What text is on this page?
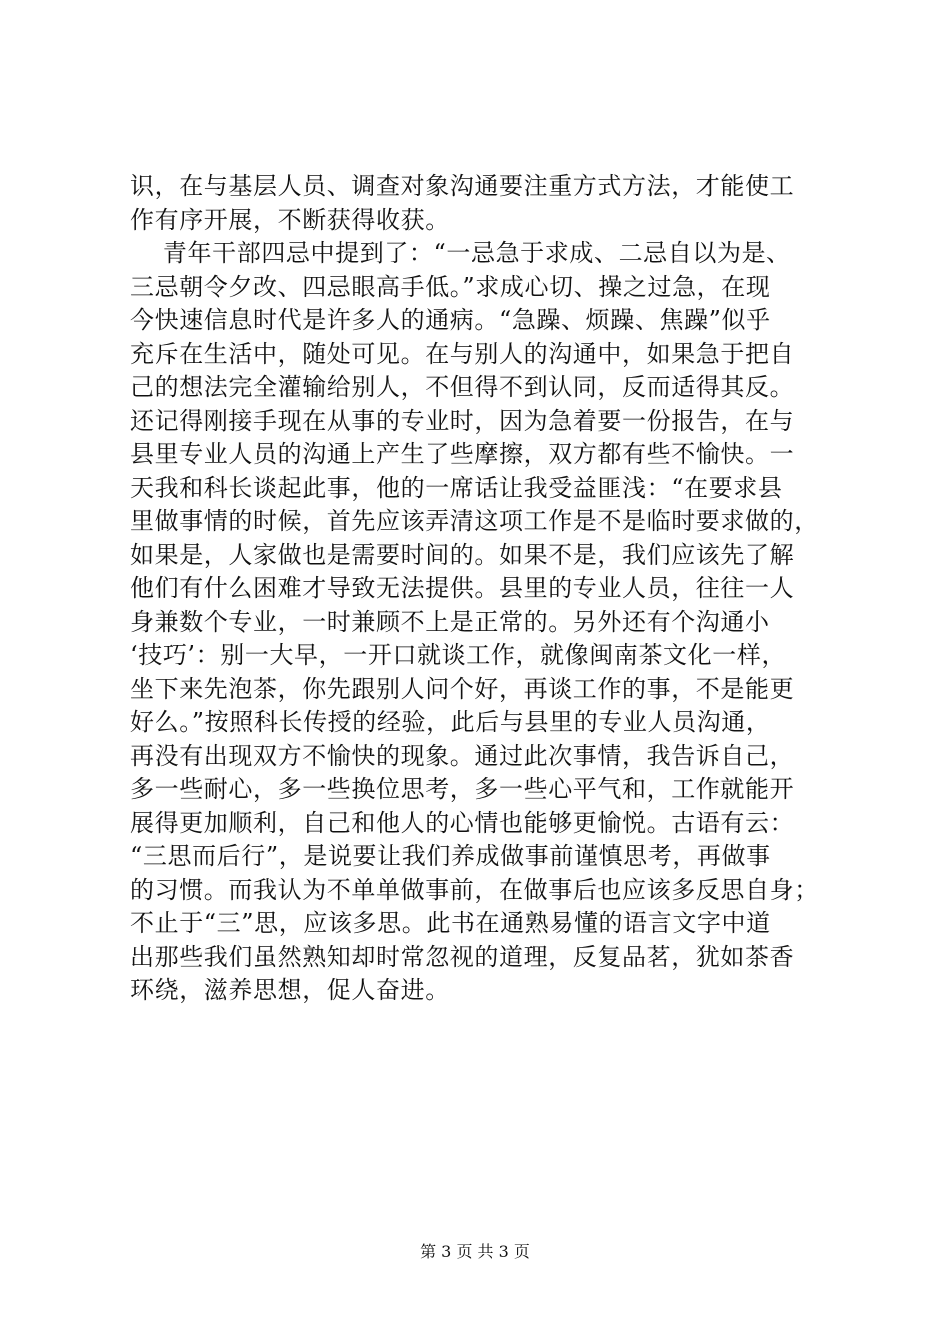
识，在与基层人员、调查对象沟通要注重方式方法，才能使工
作有序开展，不断获得收获。
青年干部四忌中提到了：“一忌急于求成、二忌自以为是、
三忌朝令夕改、四忌眼高手低。”求成心切、操之过急，在现
今快速信息时代是许多人的通病。“急躁、烦躁、焦躁”似乎
充斥在生活中，随处可见。在与别人的沟通中，如果急于把自
己的想法完全灌输给别人，不但得不到认同，反而适得其反。
还记得刚接手现在从事的专业时，因为急着要一份报告，在与
县里专业人员的沟通上产生了些摩擦，双方都有些不愉快。一
天我和科长谈起此事，他的一席话让我受益匪浅：“在要求县
里做事情的时候，首先应该弄清这项工作是不是临时要求做的，
如果是，人家做也是需要时间的。如果不是，我们应该先了解
他们有什么困难才导致无法提供。县里的专业人员，往往一人
身兼数个专业，一时兼顾不上是正常的。另外还有个沟通小
‘技巧’：别一大早，一开口就谈工作，就像闽南茶文化一样，
坐下来先泡茶，你先跟别人问个好，再谈工作的事，不是能更
好么。”按照科长传授的经验，此后与县里的专业人员沟通，
再没有出现双方不愉快的现象。通过此次事情，我告诉自己，
多一些耐心，多一些换位思考，多一些心平气和，工作就能开
展得更加顺利，自己和他人的心情也能够更愉悦。古语有云：
“三思而后行”，是说要让我们养成做事前谨慎思考，再做事
的习惯。而我认为不单单做事前，在做事后也应该多反思自身；
不止于“三”思，应该多思。此书在通熟易懂的语言文字中道
出那些我们虽然熟知却时常忽视的道理，反复品茗，犹如茶香
环绕，滋养思想，促人奋进。
第 3 页 共 3 页
